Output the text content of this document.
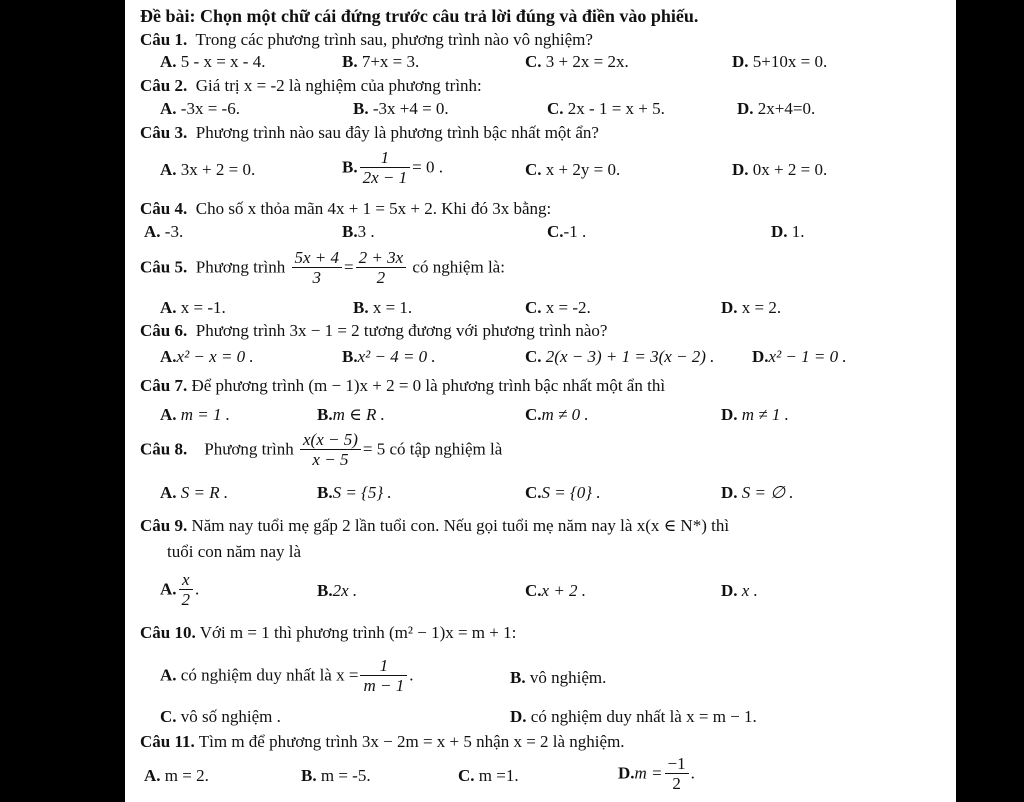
Đề bài: Chọn một chữ cái đứng trước câu trả lời đúng và điền vào phiếu.
Câu 1. Trong các phương trình sau, phương trình nào vô nghiệm?
A. 5 - x = x - 4.	B. 7+x = 3.	C. 3 + 2x = 2x.	D. 5+10x = 0.
Câu 2. Giá trị x = -2 là nghiệm của phương trình:
A. -3x = -6.	B. -3x +4 = 0.	C. 2x - 1 = x + 5.	D. 2x+4=0.
Câu 3. Phương trình nào sau đây là phương trình bậc nhất một ẩn?
A. 3x + 2 = 0.	B. $\frac{1}{2x - 1} = 0$ .	C. x + 2y = 0.	D. 0x + 2 = 0.
Câu 4. Cho số x thỏa mãn 4x + 1 = 5x + 2. Khi đó 3x bằng:
A. -3.	B.3 .	C.-1 .	D. 1.
Câu 5. Phương trình $\frac{5x + 4}{3} = \frac{2 + 3x}{2}$ có nghiệm là:
A. x = -1.	B. x = 1.	C. x = -2.	D. x = 2.
Câu 6. Phương trình 3x − 1 = 2 tương đương với phương trình nào?
A.x² − x = 0 .	B.x² − 4 = 0 .	C. 2(x − 3) + 1 = 3(x − 2) . D.x² − 1 = 0 .
Câu 7. Để phương trình (m − 1)x + 2 = 0 là phương trình bậc nhất một ẩn thì
A. m = 1 .	B.m ∈ R .	C.m ≠ 0 .	D. m ≠ 1 .
Câu 8. Phương trình $\frac{x(x - 5)}{x - 5} = 5$ có tập nghiệm là
A. S = R .	B.S = {5} .	C.S = {0} .	D. S = ∅ .
Câu 9. Năm nay tuổi mẹ gấp 2 lần tuổi con. Nếu gọi tuổi mẹ năm nay là x(x ∈ N*) thì
tuổi con năm nay là
A. $\frac{x}{2}$ .	B.2x .	C.x + 2 .	D. x .
Câu 10. Với m = 1 thì phương trình (m² − 1)x = m + 1:
A. có nghiệm duy nhất là $x = \frac{1}{m - 1}$ .	B. vô nghiệm.
C. vô số nghiệm .	D. có nghiệm duy nhất là x = m − 1.
Câu 11. Tìm m để phương trình 3x − 2m = x + 5 nhận x = 2 là nghiệm.
A. m = 2.	B. m = -5.	C. m =1.	$D.m = \frac{-1}{2}$ .
